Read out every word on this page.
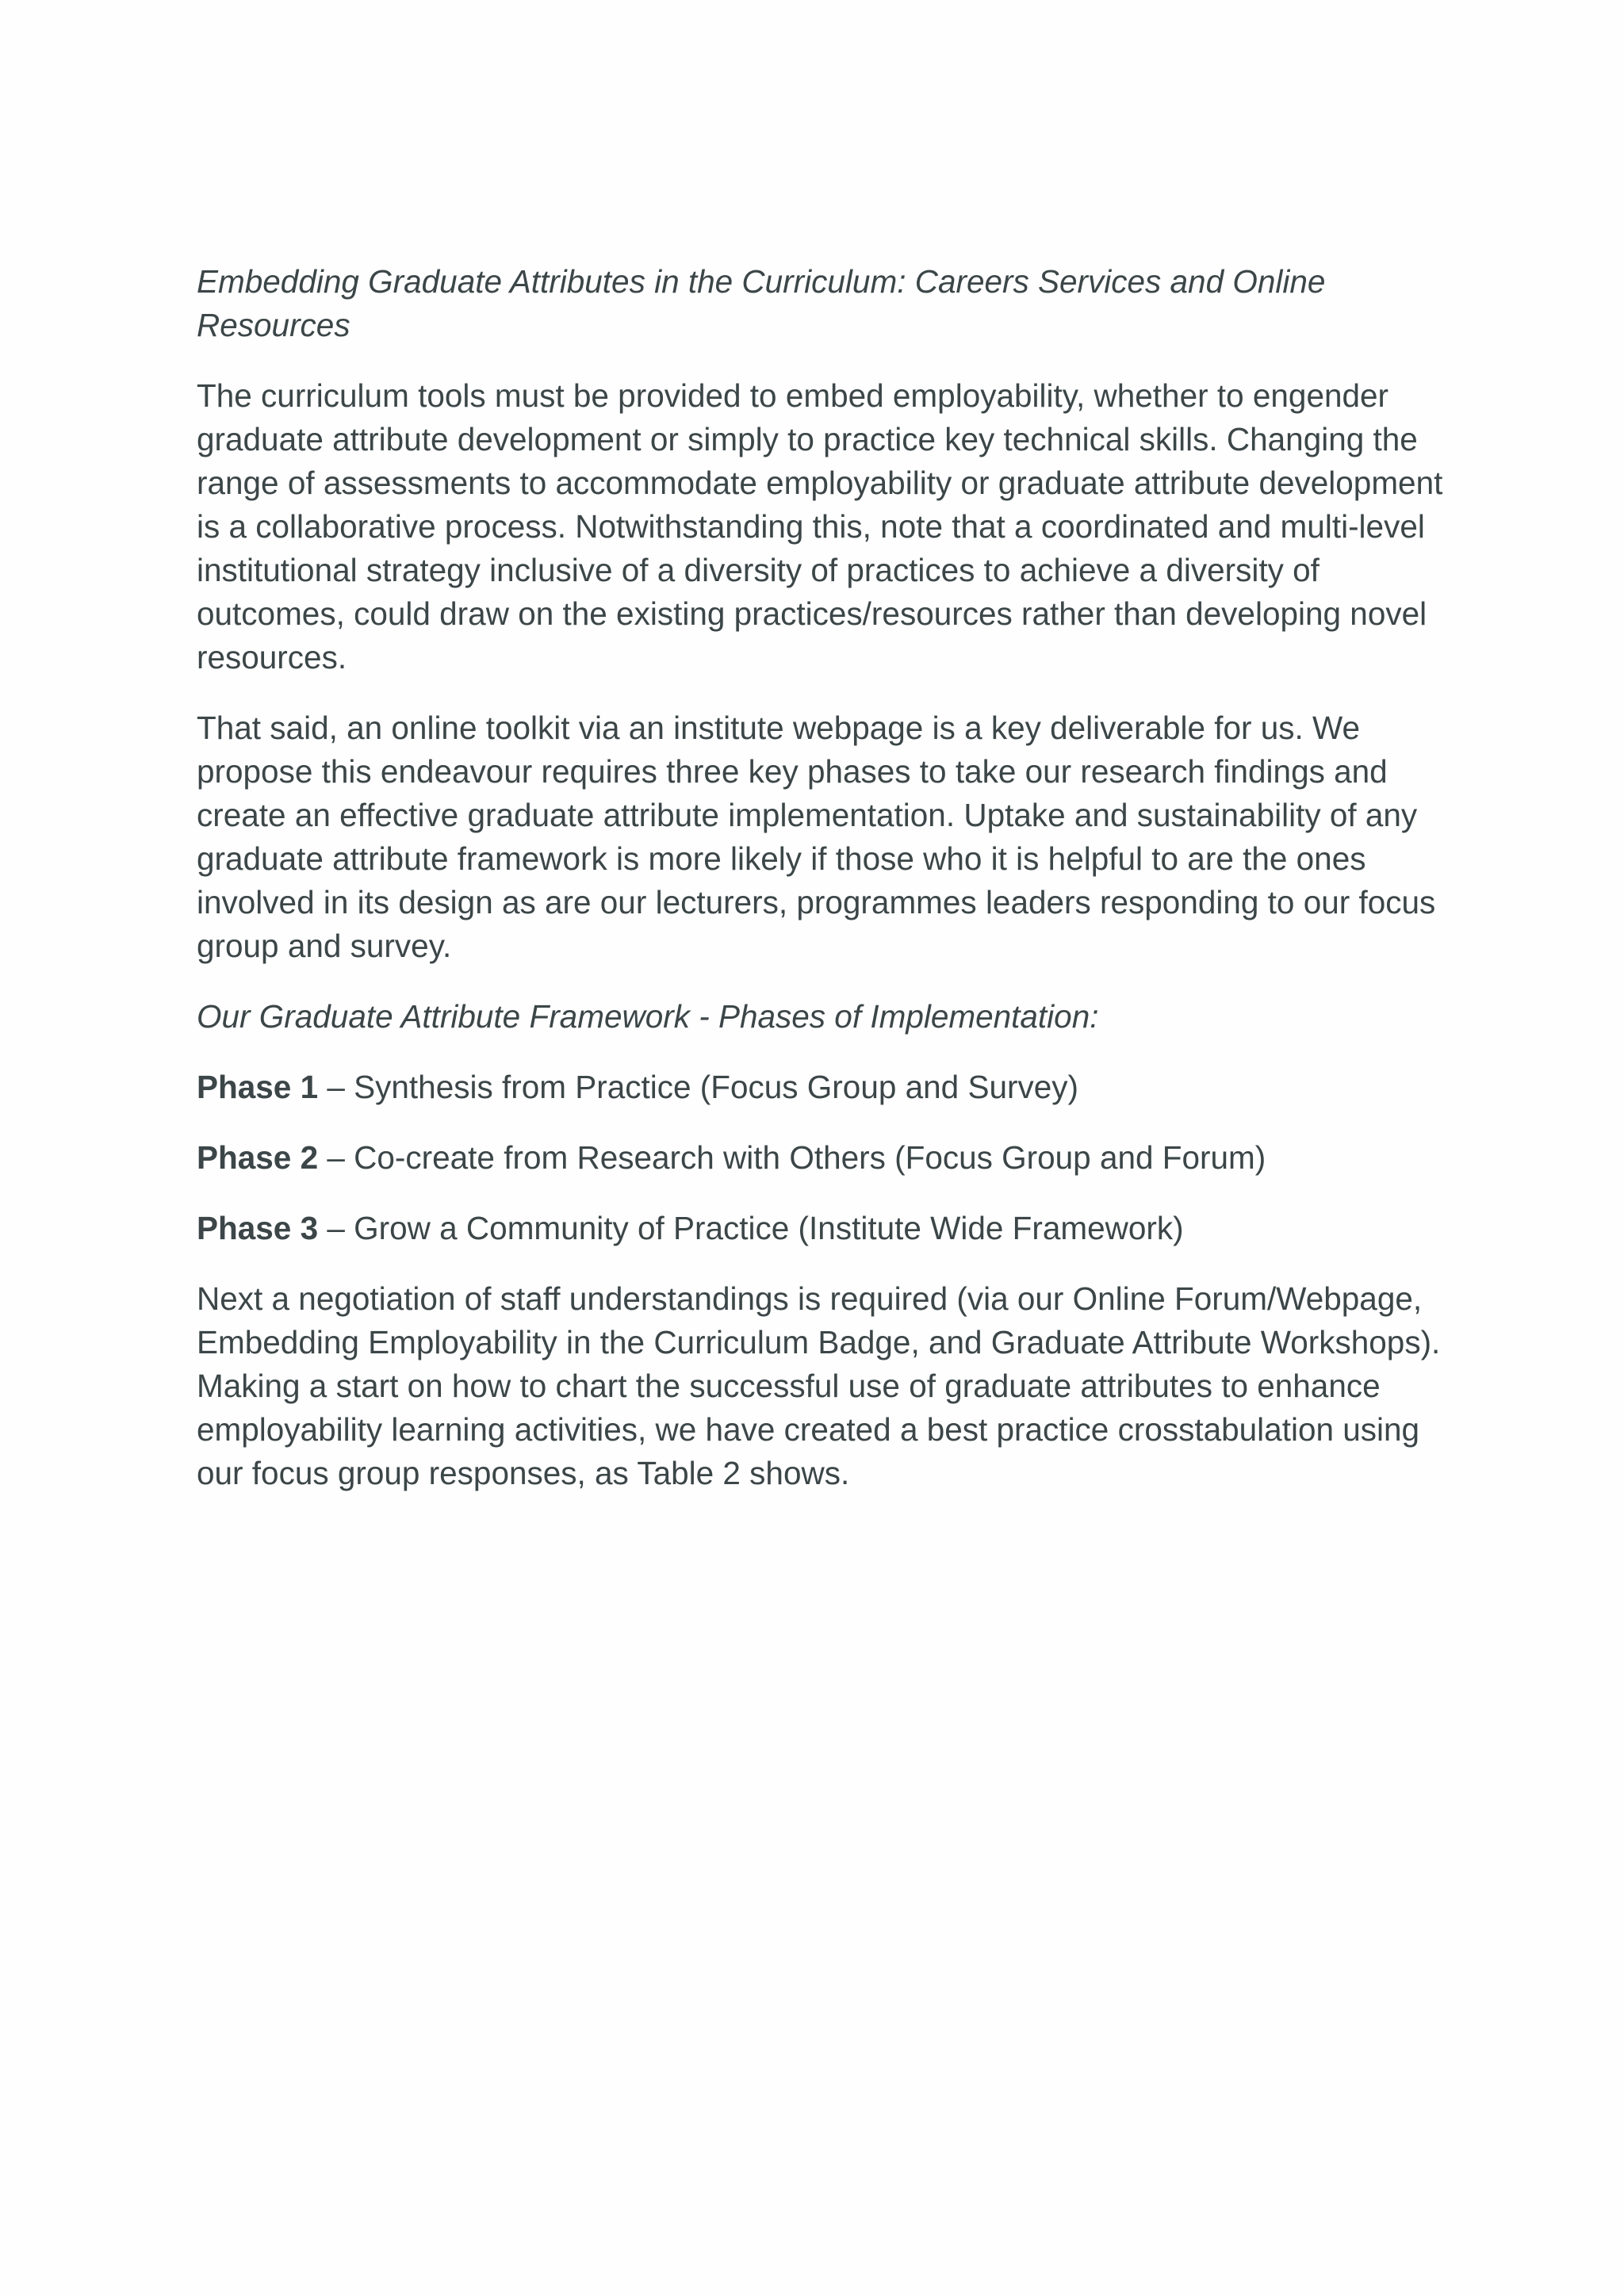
Embedding Graduate Attributes in the Curriculum: Careers Services and Online Resources

The curriculum tools must be provided to embed employability, whether to engender graduate attribute development or simply to practice key technical skills. Changing the range of assessments to accommodate employability or graduate attribute development is a collaborative process. Notwithstanding this, note that a coordinated and multi-level institutional strategy inclusive of a diversity of practices to achieve a diversity of outcomes, could draw on the existing practices/resources rather than developing novel resources.

That said, an online toolkit via an institute webpage is a key deliverable for us. We propose this endeavour requires three key phases to take our research findings and create an effective graduate attribute implementation. Uptake and sustainability of any graduate attribute framework is more likely if those who it is helpful to are the ones involved in its design as are our lecturers, programmes leaders responding to our focus group and survey.

Our Graduate Attribute Framework - Phases of Implementation:

Phase 1 – Synthesis from Practice (Focus Group and Survey)

Phase 2 – Co-create from Research with Others (Focus Group and Forum)

Phase 3 – Grow a Community of Practice (Institute Wide Framework)

Next a negotiation of staff understandings is required (via our Online Forum/Webpage, Embedding Employability in the Curriculum Badge, and Graduate Attribute Workshops). Making a start on how to chart the successful use of graduate attributes to enhance employability learning activities, we have created a best practice crosstabulation using our focus group responses, as Table 2 shows.
